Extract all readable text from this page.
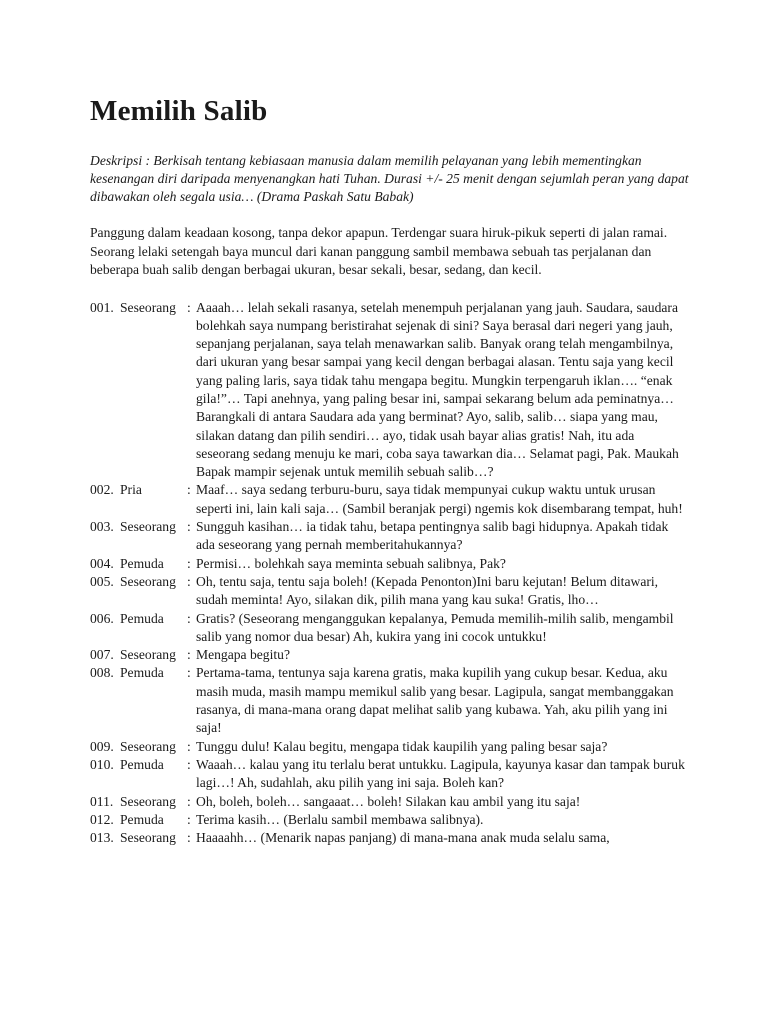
Memilih Salib

Deskripsi : Berkisah tentang kebiasaan manusia dalam memilih pelayanan yang lebih mementingkan kesenangan diri daripada menyenangkan hati Tuhan. Durasi +/- 25 menit dengan sejumlah peran yang dapat dibawakan oleh segala usia… (Drama Paskah Satu Babak)

Panggung dalam keadaan kosong, tanpa dekor apapun. Terdengar suara hiruk-pikuk seperti di jalan ramai. Seorang lelaki setengah baya muncul dari kanan panggung sambil membawa sebuah tas perjalanan dan beberapa buah salib dengan berbagai ukuran, besar sekali, besar, sedang, dan kecil.

001. Seseorang : Aaaah… lelah sekali rasanya, setelah menempuh perjalanan yang jauh. Saudara, saudara bolehkah saya numpang beristirahat sejenak di sini? Saya berasal dari negeri yang jauh, sepanjang perjalanan, saya telah menawarkan salib. Banyak orang telah mengambilnya, dari ukuran yang besar sampai yang kecil dengan berbagai alasan. Tentu saja yang kecil yang paling laris, saya tidak tahu mengapa begitu. Mungkin terpengaruh iklan…. “enak gila!”… Tapi anehnya, yang paling besar ini, sampai sekarang belum ada peminatnya… Barangkali di antara Saudara ada yang berminat? Ayo, salib, salib… siapa yang mau, silakan datang dan pilih sendiri… ayo, tidak usah bayar alias gratis! Nah, itu ada seseorang sedang menuju ke mari, coba saya tawarkan dia… Selamat pagi, Pak. Maukah Bapak mampir sejenak untuk memilih sebuah salib…?
002. Pria	: Maaf… saya sedang terburu-buru, saya tidak mempunyai cukup waktu untuk urusan seperti ini, lain kali saja… (Sambil beranjak pergi) ngemis kok disembarang tempat, huh!
003. Seseorang : Sungguh kasihan… ia tidak tahu, betapa pentingnya salib bagi hidupnya. Apakah tidak ada seseorang yang pernah memberitahukannya?
004. Pemuda : Permisi… bolehkah saya meminta sebuah salibnya, Pak?
005. Seseorang : Oh, tentu saja, tentu saja boleh! (Kepada Penonton)Ini baru kejutan! Belum ditawari, sudah meminta! Ayo, silakan dik, pilih mana yang kau suka! Gratis, lho…
006. Pemuda : Gratis? (Seseorang menganggukan kepalanya, Pemuda memilih-milih salib, mengambil salib yang nomor dua besar) Ah, kukira yang ini cocok untukku!
007. Seseorang : Mengapa begitu?
008. Pemuda : Pertama-tama, tentunya saja karena gratis, maka kupilih yang cukup besar. Kedua, aku masih muda, masih mampu memikul salib yang besar. Lagipula, sangat membanggakan rasanya, di mana-mana orang dapat melihat salib yang kubawa. Yah, aku pilih yang ini saja!
009. Seseorang : Tunggu dulu! Kalau begitu, mengapa tidak kaupilih yang paling besar saja?
010. Pemuda : Waaah… kalau yang itu terlalu berat untukku. Lagipula, kayunya kasar dan tampak buruk lagi…! Ah, sudahlah, aku pilih yang ini saja. Boleh kan?
011. Seseorang : Oh, boleh, boleh… sangaaat… boleh! Silakan kau ambil yang itu saja!
012. Pemuda : Terima kasih… (Berlalu sambil membawa salibnya).
013. Seseorang : Haaaahh… (Menarik napas panjang) di mana-mana anak muda selalu sama,
